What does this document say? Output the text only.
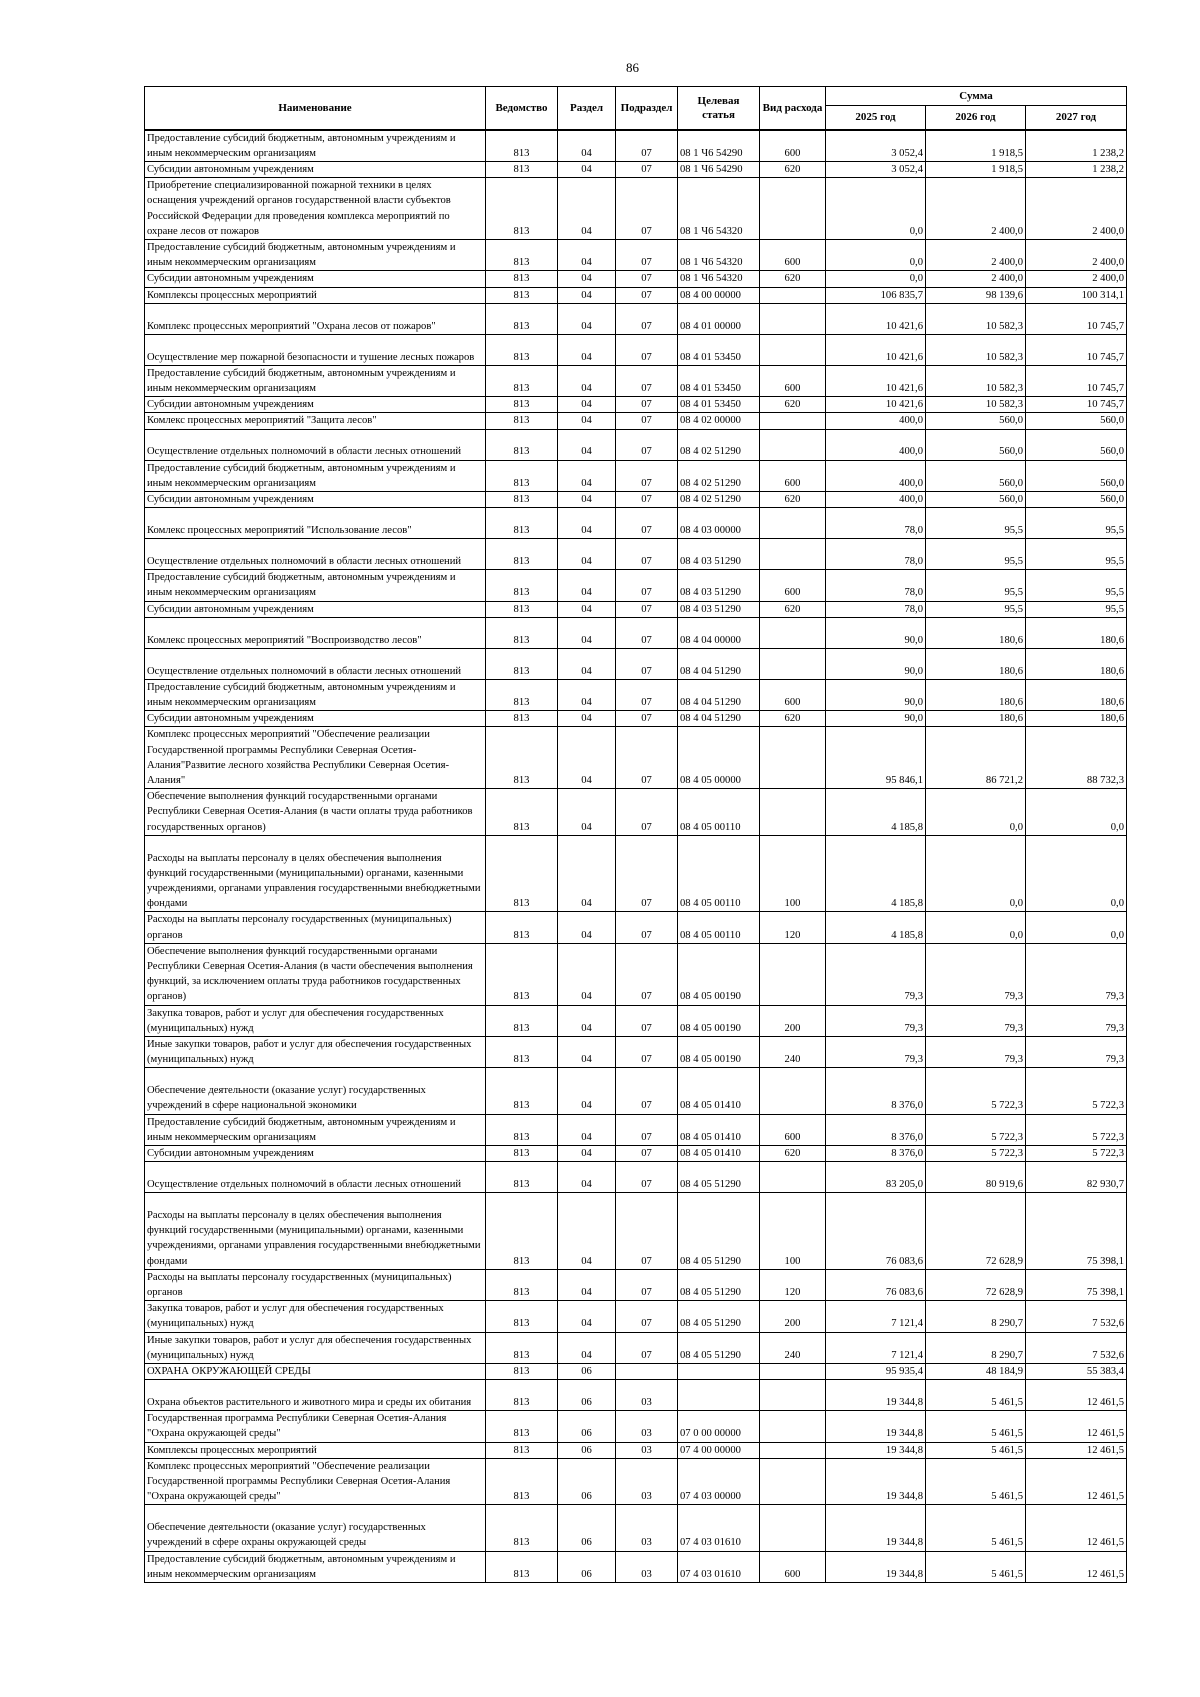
86
Наименование	Ведомство	Раздел	Подраздел	Целевая статья	Вид расхода	Сумма		
						2025 год	2026 год	2027 год
Предоставление субсидий бюджетным, автономным учреждениям и иным некоммерческим организациям	813	04	07	08 1 Ч6 54290	600	3 052,4	1 918,5	1 238,2
Субсидии автономным учреждениям	813	04	07	08 1 Ч6 54290	620	3 052,4	1 918,5	1 238,2
Приобретение специализированной пожарной техники в целях оснащения учреждений органов государственной власти субъектов Российской Федерации для проведения комплекса мероприятий по охране лесов от пожаров	813	04	07	08 1 Ч6 54320		0,0	2 400,0	2 400,0
Предоставление субсидий бюджетным, автономным учреждениям и иным некоммерческим организациям	813	04	07	08 1 Ч6 54320	600	0,0	2 400,0	2 400,0
Субсидии автономным учреждениям	813	04	07	08 1 Ч6 54320	620	0,0	2 400,0	2 400,0
Комплексы процессных мероприятий	813	04	07	08 4 00 00000		106 835,7	98 139,6	100 314,1
Комплекс процессных мероприятий "Охрана лесов от пожаров"	813	04	07	08 4 01 00000		10 421,6	10 582,3	10 745,7
Осуществление мер пожарной безопасности и тушение лесных пожаров	813	04	07	08 4 01 53450		10 421,6	10 582,3	10 745,7
Предоставление субсидий бюджетным, автономным учреждениям и иным некоммерческим организациям	813	04	07	08 4 01 53450	600	10 421,6	10 582,3	10 745,7
Субсидии автономным учреждениям	813	04	07	08 4 01 53450	620	10 421,6	10 582,3	10 745,7
Комлекс процессных мероприятий "Защита лесов"	813	04	07	08 4 02 00000		400,0	560,0	560,0
Осуществление отдельных полномочий в области лесных отношений	813	04	07	08 4 02 51290		400,0	560,0	560,0
Предоставление субсидий бюджетным, автономным учреждениям и иным некоммерческим организациям	813	04	07	08 4 02 51290	600	400,0	560,0	560,0
Субсидии автономным учреждениям	813	04	07	08 4 02 51290	620	400,0	560,0	560,0
Комлекс процессных мероприятий "Использование лесов"	813	04	07	08 4 03 00000		78,0	95,5	95,5
Осуществление отдельных полномочий в области лесных отношений	813	04	07	08 4 03 51290		78,0	95,5	95,5
Предоставление субсидий бюджетным, автономным учреждениям и иным некоммерческим организациям	813	04	07	08 4 03 51290	600	78,0	95,5	95,5
Субсидии автономным учреждениям	813	04	07	08 4 03 51290	620	78,0	95,5	95,5
Комлекс процессных мероприятий "Воспроизводство лесов"	813	04	07	08 4 04 00000		90,0	180,6	180,6
Осуществление отдельных полномочий в области лесных отношений	813	04	07	08 4 04 51290		90,0	180,6	180,6
Предоставление субсидий бюджетным, автономным учреждениям и иным некоммерческим организациям	813	04	07	08 4 04 51290	600	90,0	180,6	180,6
Субсидии автономным учреждениям	813	04	07	08 4 04 51290	620	90,0	180,6	180,6
Комплекс процессных мероприятий "Обеспечение реализации Государственной программы Республики Северная Осетия-Алания"Развитие лесного хозяйства Республики Северная Осетия-Алания"	813	04	07	08 4 05 00000		95 846,1	86 721,2	88 732,3
Обеспечение выполнения функций государственными органами Республики Северная Осетия-Алания (в части оплаты труда работников государственных органов)	813	04	07	08 4 05 00110		4 185,8	0,0	0,0
Расходы на выплаты персоналу в целях обеспечения выполнения функций государственными (муниципальными) органами, казенными учреждениями, органами управления государственными внебюджетными фондами	813	04	07	08 4 05 00110	100	4 185,8	0,0	0,0
Расходы на выплаты персоналу государственных (муниципальных) органов	813	04	07	08 4 05 00110	120	4 185,8	0,0	0,0
Обеспечение выполнения функций государственными органами Республики Северная Осетия-Алания (в части обеспечения выполнения функций, за исключением оплаты труда работников государственных органов)	813	04	07	08 4 05 00190		79,3	79,3	79,3
Закупка товаров, работ и услуг для обеспечения государственных (муниципальных) нужд	813	04	07	08 4 05 00190	200	79,3	79,3	79,3
Иные закупки товаров, работ и услуг для обеспечения государственных (муниципальных) нужд	813	04	07	08 4 05 00190	240	79,3	79,3	79,3
Обеспечение деятельности (оказание услуг) государственных учреждений в сфере национальной экономики	813	04	07	08 4 05 01410		8 376,0	5 722,3	5 722,3
Предоставление субсидий бюджетным, автономным учреждениям и иным некоммерческим организациям	813	04	07	08 4 05 01410	600	8 376,0	5 722,3	5 722,3
Субсидии автономным учреждениям	813	04	07	08 4 05 01410	620	8 376,0	5 722,3	5 722,3
Осуществление отдельных полномочий в области лесных отношений	813	04	07	08 4 05 51290		83 205,0	80 919,6	82 930,7
Расходы на выплаты персоналу в целях обеспечения выполнения функций государственными (муниципальными) органами, казенными учреждениями, органами управления государственными внебюджетными фондами	813	04	07	08 4 05 51290	100	76 083,6	72 628,9	75 398,1
Расходы на выплаты персоналу государственных (муниципальных) органов	813	04	07	08 4 05 51290	120	76 083,6	72 628,9	75 398,1
Закупка товаров, работ и услуг для обеспечения государственных (муниципальных) нужд	813	04	07	08 4 05 51290	200	7 121,4	8 290,7	7 532,6
Иные закупки товаров, работ и услуг для обеспечения государственных (муниципальных) нужд	813	04	07	08 4 05 51290	240	7 121,4	8 290,7	7 532,6
ОХРАНА ОКРУЖАЮЩЕЙ СРЕДЫ	813	06				95 935,4	48 184,9	55 383,4
Охрана объектов растительного и животного мира и среды их обитания	813	06	03			19 344,8	5 461,5	12 461,5
Государственная программа Республики Северная Осетия-Алания "Охрана окружающей среды"	813	06	03	07 0 00 00000		19 344,8	5 461,5	12 461,5
Комплексы процессных мероприятий	813	06	03	07 4 00 00000		19 344,8	5 461,5	12 461,5
Комплекс процессных мероприятий "Обеспечение реализации Государственной программы Республики Северная Осетия-Алания "Охрана окружающей среды"	813	06	03	07 4 03 00000		19 344,8	5 461,5	12 461,5
Обеспечение деятельности (оказание услуг) государственных учреждений в сфере охраны окружающей среды	813	06	03	07 4 03 01610		19 344,8	5 461,5	12 461,5
Предоставление субсидий бюджетным, автономным учреждениям и иным некоммерческим организациям	813	06	03	07 4 03 01610	600	19 344,8	5 461,5	12 461,5
